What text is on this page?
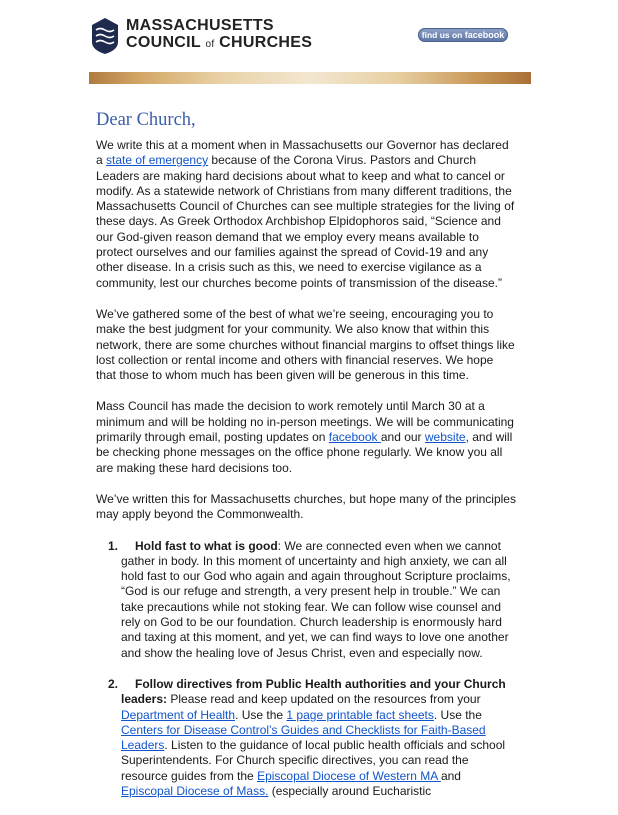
MASSACHUSETTS
COUNCIL of CHURCHES	find us on facebook
Dear Church,

We write this at a moment when in Massachusetts our Governor has declared a state of emergency because of the Corona Virus. Pastors and Church Leaders are making hard decisions about what to keep and what to cancel or modify. As a statewide network of Christians from many different traditions, the Massachusetts Council of Churches can see multiple strategies for the living of these days. As Greek Orthodox Archbishop Elpidophoros said, “Science and our God-given reason demand that we employ every means available to protect ourselves and our families against the spread of Covid-19 and any other disease. In a crisis such as this, we need to exercise vigilance as a community, lest our churches become points of transmission of the disease.”

We’ve gathered some of the best of what we’re seeing, encouraging you to make the best judgment for your community. We also know that within this network, there are some churches without financial margins to offset things like lost collection or rental income and others with financial reserves. We hope that those to whom much has been given will be generous in this time.

Mass Council has made the decision to work remotely until March 30 at a minimum and will be holding no in-person meetings. We will be communicating primarily through email, posting updates on facebook and our website, and will be checking phone messages on the office phone regularly. We know you all are making these hard decisions too.

We’ve written this for Massachusetts churches, but hope many of the principles may apply beyond the Commonwealth.

1. Hold fast to what is good: We are connected even when we cannot gather in body. In this moment of uncertainty and high anxiety, we can all hold fast to our God who again and again throughout Scripture proclaims, “God is our refuge and strength, a very present help in trouble.” We can take precautions while not stoking fear. We can follow wise counsel and rely on God to be our foundation. Church leadership is enormously hard and taxing at this moment, and yet, we can find ways to love one another and show the healing love of Jesus Christ, even and especially now.
2. Follow directives from Public Health authorities and your Church leaders: Please read and keep updated on the resources from your Department of Health. Use the 1 page printable fact sheets. Use the Centers for Disease Control’s Guides and Checklists for Faith-Based Leaders. Listen to the guidance of local public health officials and school Superintendents. For Church specific directives, you can read the resource guides from the Episcopal Diocese of Western MA and Episcopal Diocese of Mass. (especially around Eucharistic
